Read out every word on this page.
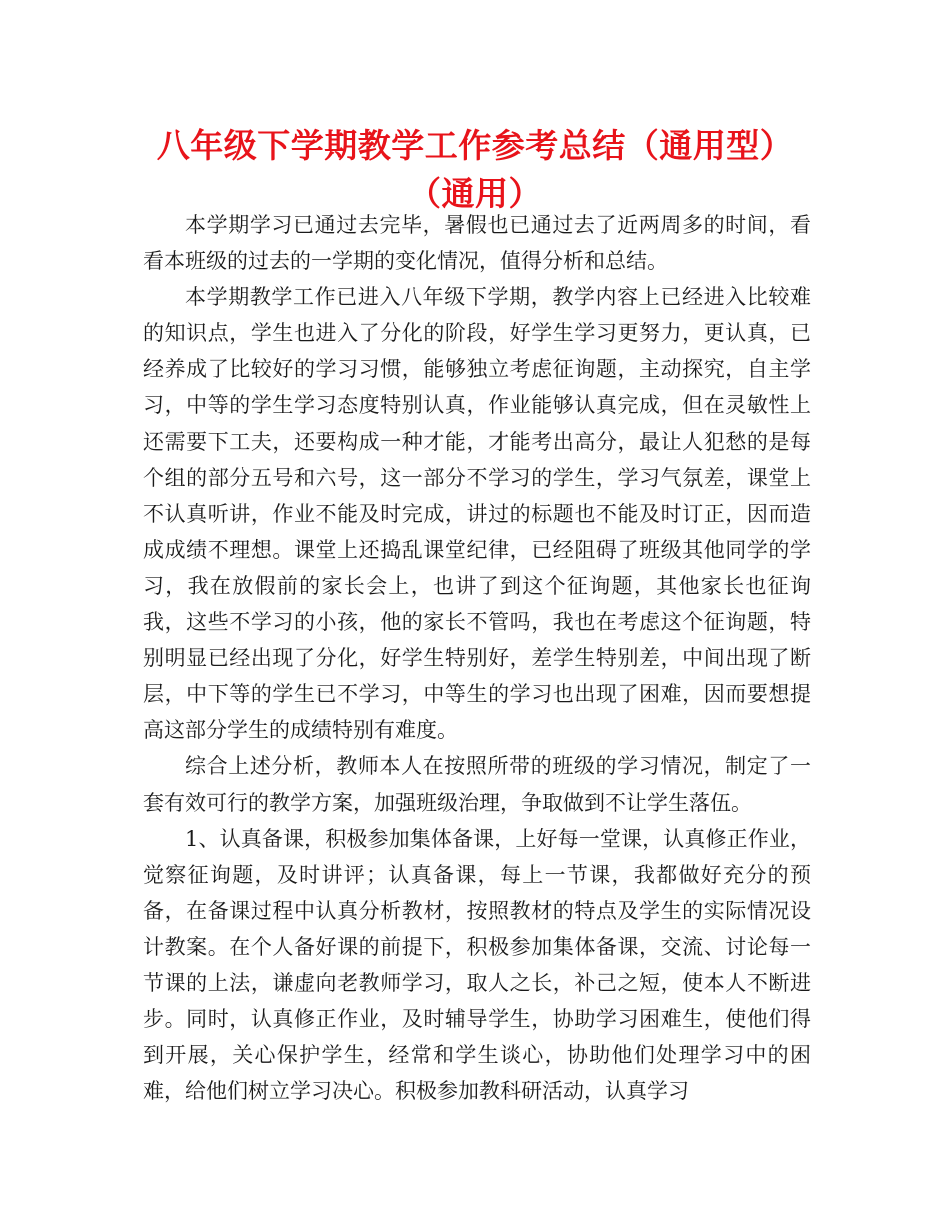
八年级下学期教学工作参考总结（通用型）（通用）

本学期学习已通过去完毕，暑假也已通过去了近两周多的时间，看看本班级的过去的一学期的变化情况，值得分析和总结。

本学期教学工作已进入八年级下学期，教学内容上已经进入比较难的知识点，学生也进入了分化的阶段，好学生学习更努力，更认真，已经养成了比较好的学习习惯，能够独立考虑征询题，主动探究，自主学习，中等的学生学习态度特别认真，作业能够认真完成，但在灵敏性上还需要下工夫，还要构成一种才能，才能考出高分，最让人犯愁的是每个组的部分五号和六号，这一部分不学习的学生，学习气氛差，课堂上不认真听讲，作业不能及时完成，讲过的标题也不能及时订正，因而造成成绩不理想。课堂上还捣乱课堂纪律，已经阻碍了班级其他同学的学习，我在放假前的家长会上，也讲了到这个征询题，其他家长也征询我，这些不学习的小孩，他的家长不管吗，我也在考虑这个征询题，特别明显已经出现了分化，好学生特别好，差学生特别差，中间出现了断层，中下等的学生已不学习，中等生的学习也出现了困难，因而要想提高这部分学生的成绩特别有难度。

综合上述分析，教师本人在按照所带的班级的学习情况，制定了一套有效可行的教学方案，加强班级治理，争取做到不让学生落伍。

1、认真备课，积极参加集体备课，上好每一堂课，认真修正作业，觉察征询题，及时讲评；认真备课，每上一节课，我都做好充分的预备，在备课过程中认真分析教材，按照教材的特点及学生的实际情况设计教案。在个人备好课的前提下，积极参加集体备课，交流、讨论每一节课的上法，谦虚向老教师学习，取人之长，补己之短，使本人不断进步。同时，认真修正作业，及时辅导学生，协助学习困难生，使他们得到开展，关心保护学生，经常和学生谈心，协助他们处理学习中的困难，给他们树立学习决心。积极参加教科研活动，认真学习
